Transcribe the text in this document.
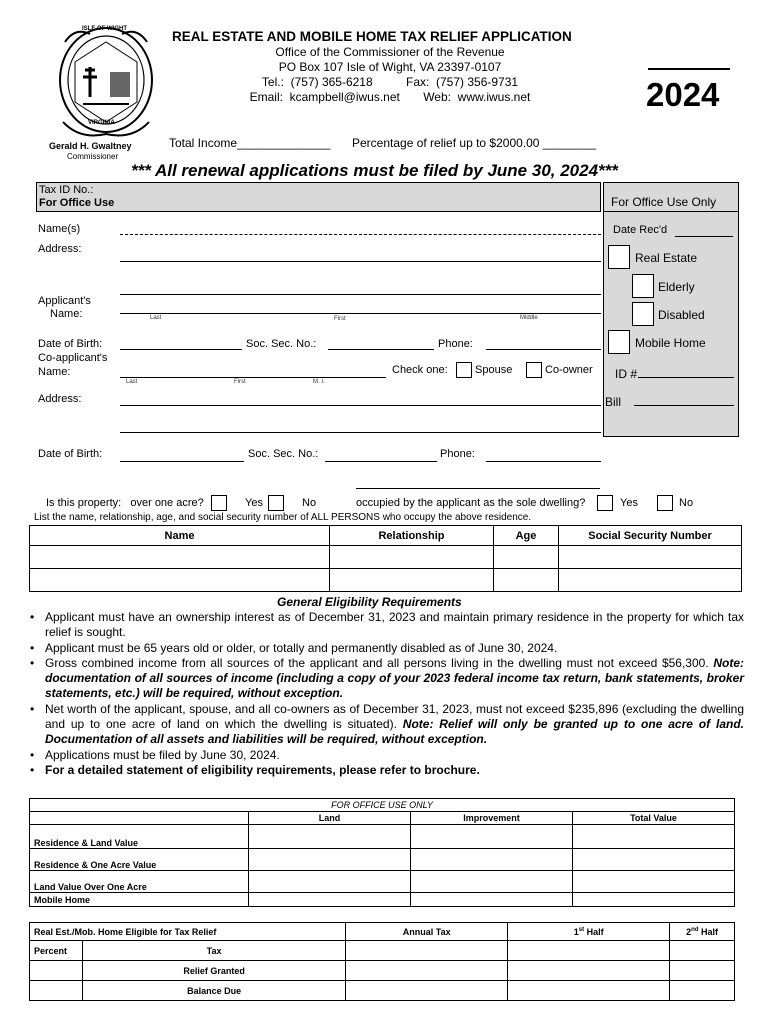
ISLE OF WIGHT
VIRGINIA
Gerald H. Gwaltney
Commissioner
REAL ESTATE AND MOBILE HOME TAX RELIEF APPLICATION
Office of the Commissioner of the Revenue
PO Box 107 Isle of Wight, VA 23397-0107
Tel.:  (757) 365-6218          Fax:  (757) 356-9731
Email:  kcampbell@iwus.net       Web:  www.iwus.net	2024
Total Income______________ Percentage of relief up to $2000.00 ________
*** All renewal applications must be filed by June 30, 2024***
Tax ID No.:
For Office Use	For Office Use Only
Date Rec'd
Real Estate
Elderly
Disabled
Mobile Home
ID #
Bill
Name(s)
Address:
Applicant's
Name:	Last	First	Middle
Date of Birth:	Soc. Sec. No.:	Phone:
Co-applicant's
Name:
Last	First	M. I.
Check one: Spouse	Co-owner
Address:
Date of Birth:	Soc. Sec. No.:	Phone:
Is this property:   over one acre?	Yes	No	occupied by the applicant as the sole dwelling?	Yes	No
List the name, relationship, age, and social security number of ALL PERSONS who occupy the above residence.
Name	Relationship	Age	Social Security Number

General Eligibility Requirements
• Applicant must have an ownership interest as of December 31, 2023 and maintain primary residence in the property for which tax relief is sought.
• Applicant must be 65 years old or older, or totally and permanently disabled as of June 30, 2024.
• Gross combined income from all sources of the applicant and all persons living in the dwelling must not exceed $56,300. Note: documentation of all sources of income (including a copy of your 2023 federal income tax return, bank statements, broker statements, etc.) will be required, without exception.
• Net worth of the applicant, spouse, and all co-owners as of December 31, 2023, must not exceed $235,896 (excluding the dwelling and up to one acre of land on which the dwelling is situated). Note: Relief will only be granted up to one acre of land. Documentation of all assets and liabilities will be required, without exception.
• Applications must be filed by June 30, 2024.
• For a detailed statement of eligibility requirements, please refer to brochure.
FOR OFFICE USE ONLY			
	Land	Improvement	Total Value
Residence & Land Value			
Residence & One Acre Value			
Land Value Over One Acre			
Mobile Home			
Real Est./Mob. Home Eligible for Tax Relief		Annual Tax	1st Half	2nd Half
Percent	Tax			
	Relief Granted			
	Balance Due			
